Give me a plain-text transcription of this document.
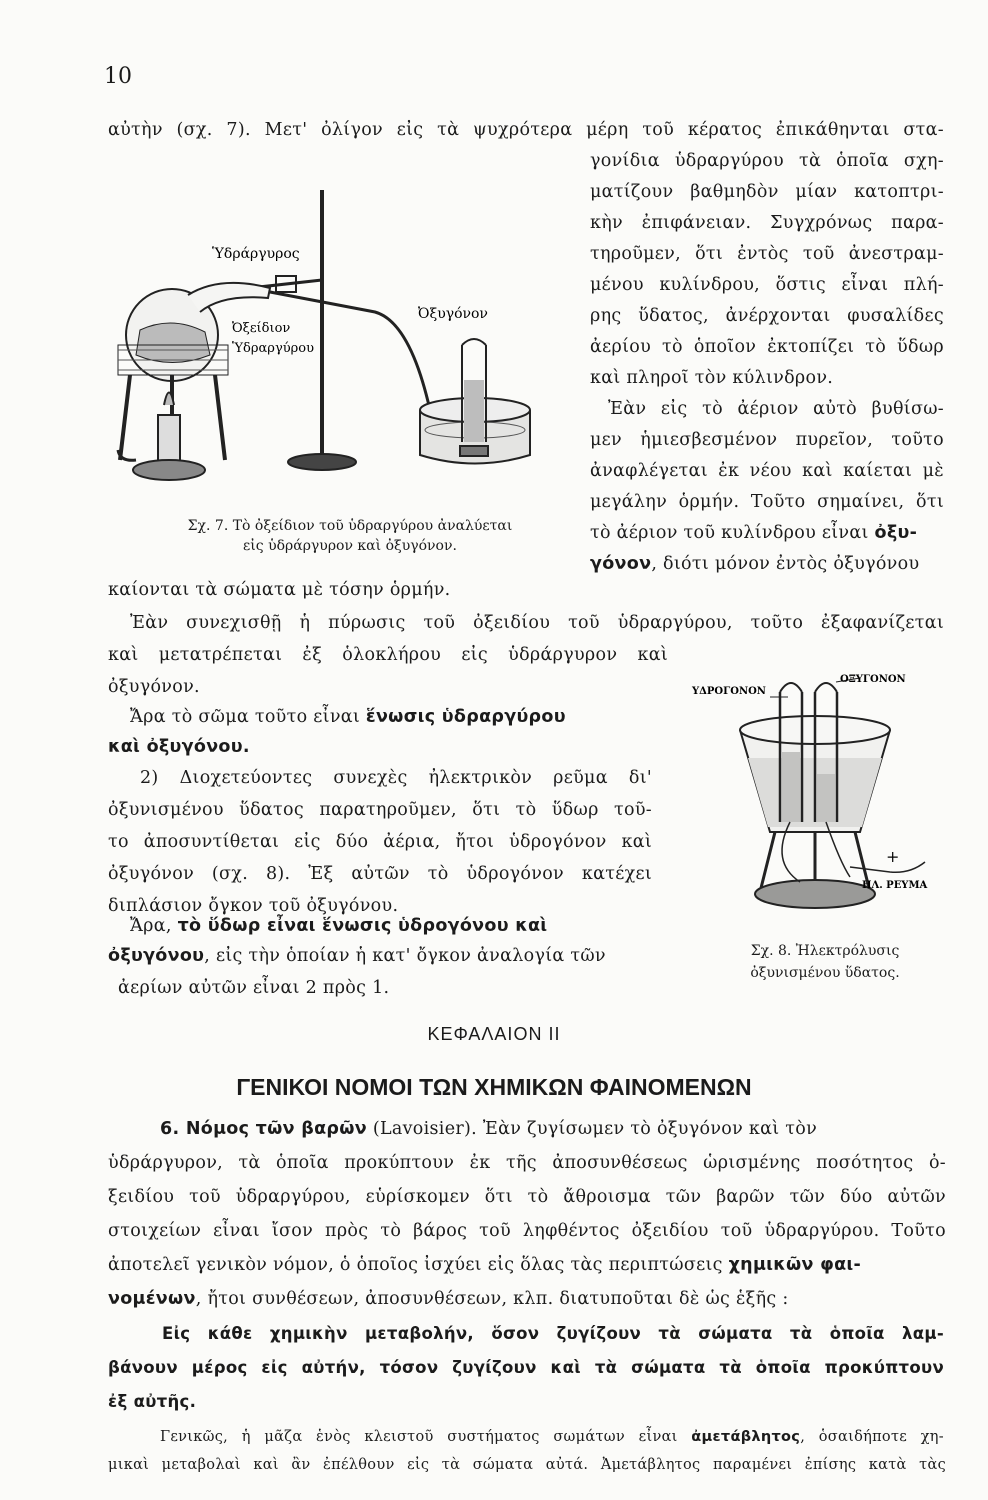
10

αὐτὴν (σχ. 7). Μετ' ὀλίγον εἰς τὰ ψυχρότερα μέρη τοῦ κέρατος ἐπικάθηνται στα-

γονίδια ὑδραργύρου τὰ ὁποῖα σχη-

ματίζουν βαθμηδὸν μίαν κατοπτρι-

κὴν ἐπιφάνειαν. Συγχρόνως παρα-

τηροῦμεν, ὅτι ἐντὸς τοῦ ἀνεστραμ-

μένου κυλίνδρου, ὅστις εἶναι πλή-

ρης ὕδατος, ἀνέρχονται φυσαλίδες

ἀερίου τὸ ὁποῖον ἐκτοπίζει τὸ ὕδωρ

καὶ πληροῖ τὸν κύλινδρον.

Ἐὰν εἰς τὸ ἀέριον αὐτὸ βυθίσω-

μεν ἡμιεσβεσμένον πυρεῖον, τοῦτο

ἀναφλέγεται ἐκ νέου καὶ καίεται μὲ

μεγάλην ὁρμήν. Τοῦτο σημαίνει, ὅτι

τὸ ἀέριον τοῦ κυλίνδρου εἶναι ὀξυ-

γόνον, διότι μόνον ἐντὸς ὀξυγόνου

Ὑδράργυρος
Ὀξυγόνον
Ὀξείδιον
Ὑδραργύρου

Σχ. 7. Τὸ ὀξείδιον τοῦ ὑδραργύρου ἀναλύεται

εἰς ὑδράργυρον καὶ ὀξυγόνον.

καίονται τὰ σώματα μὲ τόσην ὁρμήν.

Ἐὰν συνεχισθῇ ἡ πύρωσις τοῦ ὀξειδίου τοῦ ὑδραργύρου, τοῦτο ἐξαφανίζεται

καὶ μετατρέπεται ἐξ ὁλοκλήρου εἰς ὑδράργυρον καὶ

ὀξυγόνον.

Ἄρα τὸ σῶμα τοῦτο εἶναι ἕνωσις ὑδραργύρου

καὶ ὀξυγόνου.

2) Διοχετεύοντες συνεχὲς ἠλεκτρικὸν ρεῦμα δι'

ὀξυνισμένου ὕδατος παρατηροῦμεν, ὅτι τὸ ὕδωρ τοῦ-

το ἀποσυντίθεται εἰς δύο ἀέρια, ἤτοι ὑδρογόνον καὶ

ὀξυγόνον (σχ. 8). Ἐξ αὐτῶν τὸ ὑδρογόνον κατέχει

διπλάσιον ὄγκον τοῦ ὀξυγόνου.

Ἄρα, τὸ ὕδωρ εἶναι ἕνωσις ὑδρογόνου καὶ

ὀξυγόνου, εἰς τὴν ὁποίαν ἡ κατ' ὄγκον ἀναλογία τῶν

ἀερίων αὐτῶν εἶναι 2 πρὸς 1.

ΥΔΡΟΓΟΝΟΝ
ΟΞΥΓΟΝΟΝ
+
ΗΛ. ΡΕΥΜΑ

Σχ. 8. Ἠλεκτρόλυσις

ὀξυνισμένου ὕδατος.

ΚΕΦΑΛΑΙΟΝ ΙΙ

ΓΕΝΙΚΟΙ ΝΟΜΟΙ ΤΩΝ ΧΗΜΙΚΩΝ ΦΑΙΝΟΜΕΝΩΝ

6. Νόμος τῶν βαρῶν (Lavoisier). Ἐὰν ζυγίσωμεν τὸ ὀξυγόνον καὶ τὸν

ὑδράργυρον, τὰ ὁποῖα προκύπτουν ἐκ τῆς ἀποσυνθέσεως ὡρισμένης ποσότητος ὀ-

ξειδίου τοῦ ὑδραργύρου, εὑρίσκομεν ὅτι τὸ ἄθροισμα τῶν βαρῶν τῶν δύο αὐτῶν

στοιχείων εἶναι ἴσον πρὸς τὸ βάρος τοῦ ληφθέντος ὀξειδίου τοῦ ὑδραργύρου. Τοῦτο

ἀποτελεῖ γενικὸν νόμον, ὁ ὁποῖος ἰσχύει εἰς ὅλας τὰς περιπτώσεις χημικῶν φαι-

νομένων, ἤτοι συνθέσεων, ἀποσυνθέσεων, κλπ. διατυποῦται δὲ ὡς ἑξῆς :

Εἰς κάθε χημικὴν μεταβολήν, ὅσον ζυγίζουν τὰ σώματα τὰ ὁποῖα λαμ-

βάνουν μέρος εἰς αὐτήν, τόσον ζυγίζουν καὶ τὰ σώματα τὰ ὁποῖα προκύπτουν

ἐξ αὐτῆς.

Γενικῶς, ἡ μᾶζα ἑνὸς κλειστοῦ συστήματος σωμάτων εἶναι ἀμετάβλητος, ὁσαιδήποτε χη-

μικαὶ μεταβολαὶ καὶ ἂν ἐπέλθουν εἰς τὰ σώματα αὐτά. Ἀμετάβλητος παραμένει ἐπίσης κατὰ τὰς
